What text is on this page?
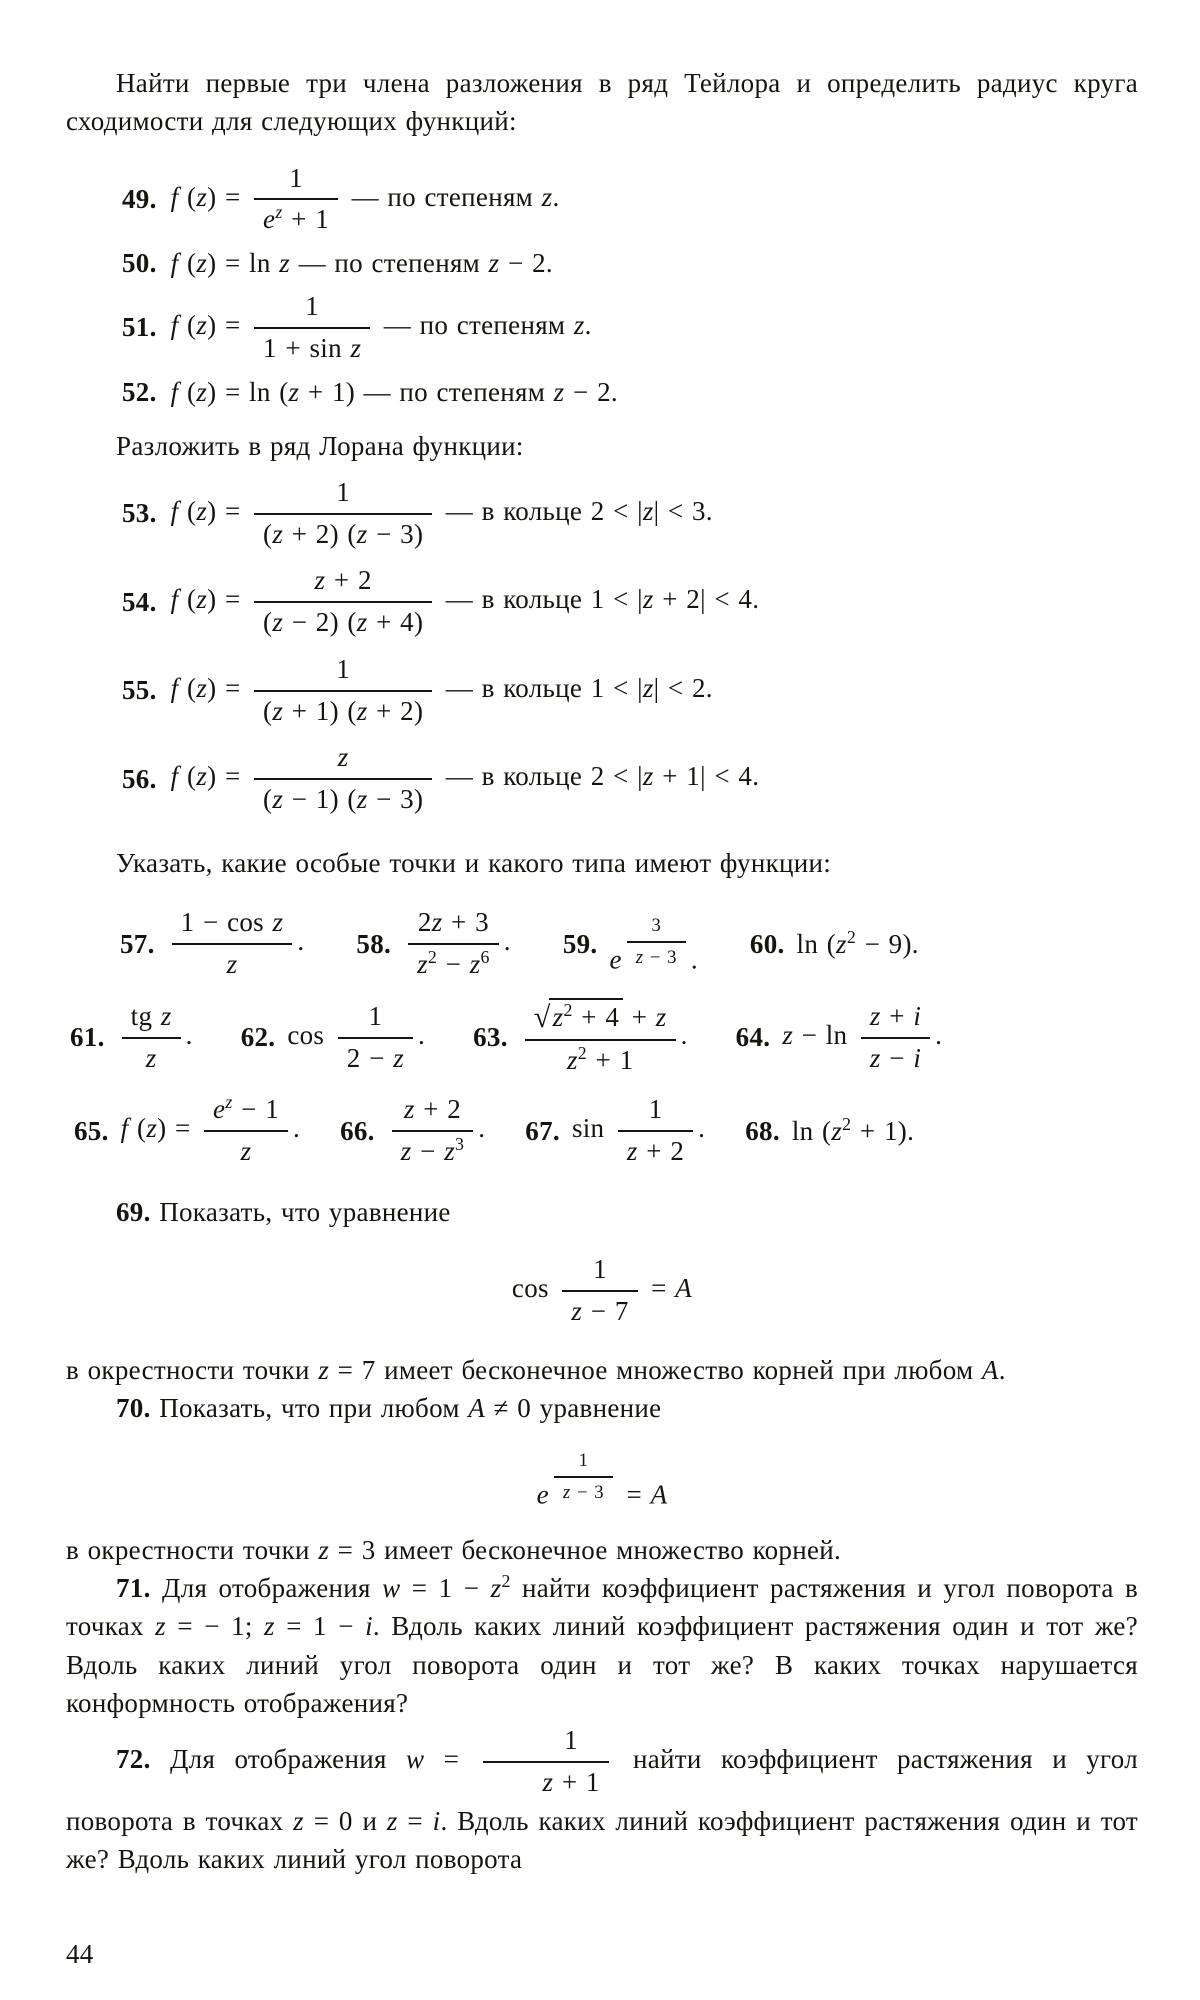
Найти первые три члена разложения в ряд Тейлора и определить радиус круга сходимости для следующих функций:

49. f $(z) = \frac{1}{e^z + 1}$ — по степеням z.
50. f (z) = ln z — по степеням z − 2.
51. f $(z) = \frac{1}{\text{1 + sin z}}$ — по степеням z.
52. f (z) = ln (z + 1) — по степеням z − 2.

Разложить в ряд Лорана функции:

53. f $(z) = \frac{1}{(z + 2) (z - 3)}$ — в кольце 2 < |z| < 3.
54. f $(z) = \frac{z + 2}{(z - 2) (z + 4)}$ — в кольце 1 < |z + 2| < 4.
55. f $(z) = \frac{1}{(z + 1) (z + 2)}$ — в кольце 1 < |z| < 2.
56. f $(z) = \frac{z}{(z - 1) (z - 3)}$ — в кольце 2 < |z + 1| < 4.

Указать, какие особые точки и какого типа имеют функции:

57. $\frac{\text{1 − cos z}}{z}$ . 58. $\frac{2z + 3}{z^2 - z^6}$ . 59.
e $^{\frac{3}{z - 3}}$ .
60. $\ln (z^2 - 9)$.
61. $\frac{\text{tg z}}{z}$ . 62. $\cos \frac{1}{2 - z}$ . 63. $\frac{√z^2 + 4 + z}{z^2 + 1}$ . 64. $z - \ln \frac{z + i}{z - i}$ .
65. f $(z) = \frac{e^z - 1}{z}$ . 66. $\frac{z + 2}{z - z^3}$ . 67. $\sin \frac{1}{z + 2}$ . 68. $\ln (z^2 + 1)$.

69. Показать, что уравнение

$\cos \frac{1}{z - 7} = A$

в окрестности точки z = 7 имеет бесконечное множество корней при любом A.

70. Показать, что при любом A ≠ 0 уравнение

e $^{\frac{1}{z - 3}}$ = A

в окрестности точки z = 3 имеет бесконечное множество корней.

71. Для отображения $w = 1 - z^2$ найти коэффициент растяжения и угол поворота в точках z = − 1; z = 1 − i. Вдоль каких линий коэффициент растяжения один и тот же? Вдоль каких линий угол поворота один и тот же? В каких точках нарушается конформность отображения?

72. Для отображения $w = \frac{1}{z + 1}$ найти коэффициент растяжения и угол поворота в точках z = 0 и z = i. Вдоль каких линий коэффициент растяжения один и тот же? Вдоль каких линий угол поворота

44
